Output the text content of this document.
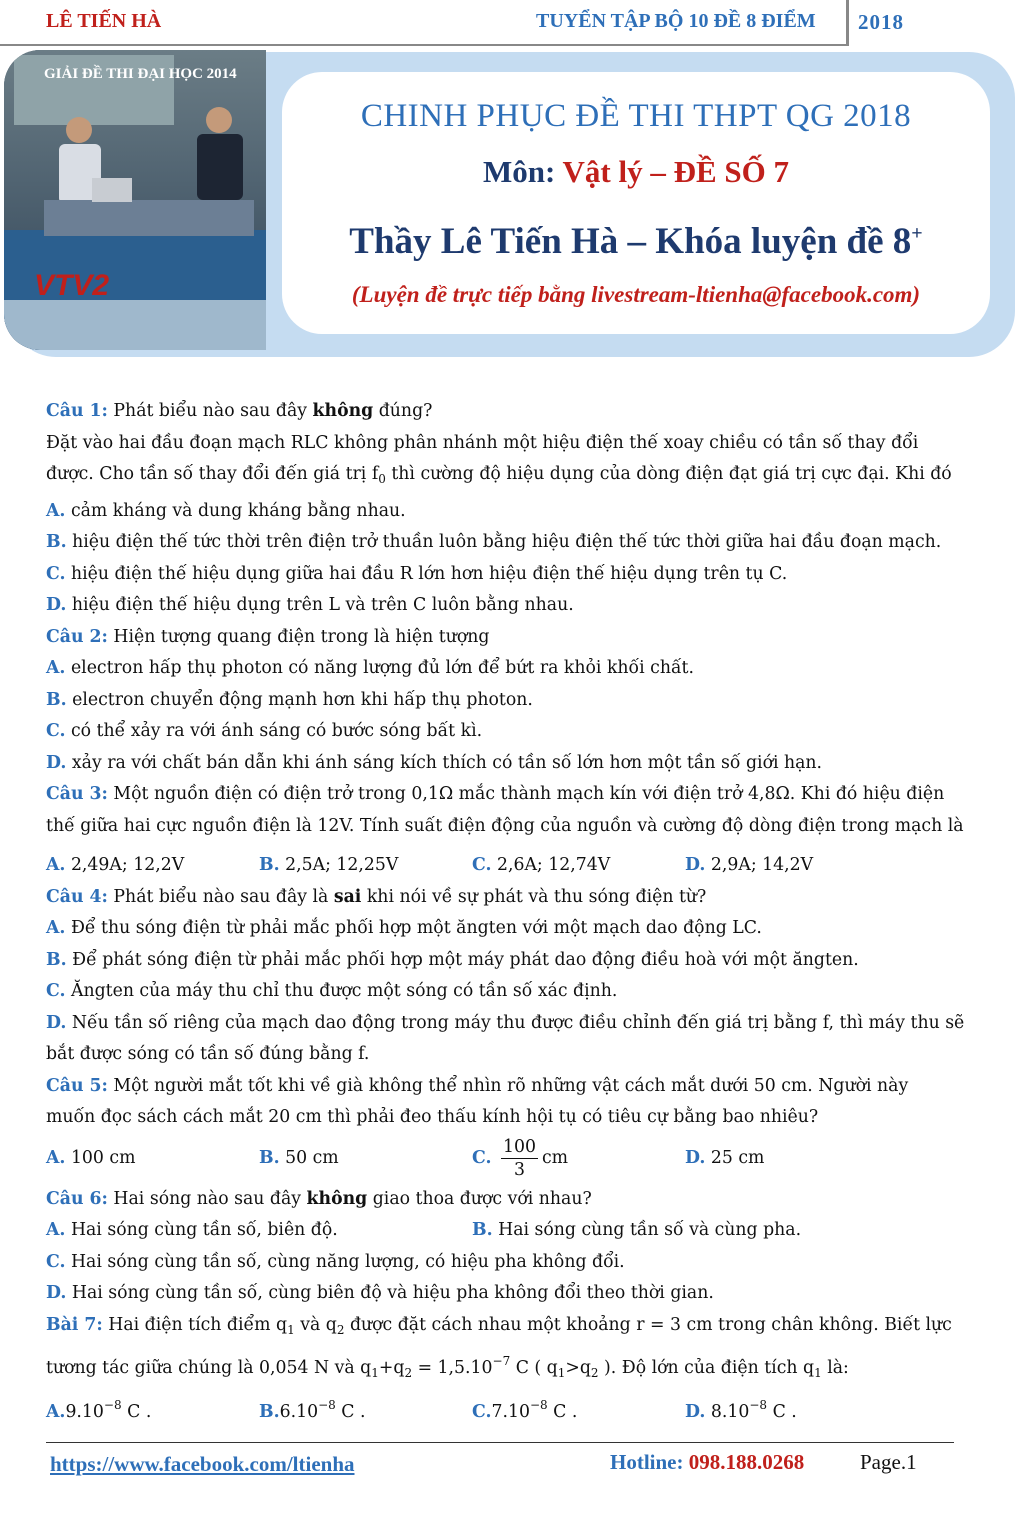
LÊ TIẾN HÀ	TUYỂN TẬP BỘ 10 ĐỀ 8 ĐIỂM 2018
GIẢI ĐỀ THI ĐẠI HỌC 2014
VTV2
CHINH PHỤC ĐỀ THI THPT QG 2018
Môn: Vật lý – ĐỀ SỐ 7
Thầy Lê Tiến Hà – Khóa luyện đề 8+
(Luyện đề trực tiếp bằng livestream-ltienha@facebook.com)
Câu 1: Phát biểu nào sau đây không đúng?
Đặt vào hai đầu đoạn mạch RLC không phân nhánh một hiệu điện thế xoay chiều có tần số thay đổi
được. Cho tần số thay đổi đến giá trị $f_0$ thì cường độ hiệu dụng của dòng điện đạt giá trị cực đại. Khi đó
A. cảm kháng và dung kháng bằng nhau.
B. hiệu điện thế tức thời trên điện trở thuần luôn bằng hiệu điện thế tức thời giữa hai đầu đoạn mạch.
C. hiệu điện thế hiệu dụng giữa hai đầu R lớn hơn hiệu điện thế hiệu dụng trên tụ C.
D. hiệu điện thế hiệu dụng trên L và trên C luôn bằng nhau.
Câu 2: Hiện tượng quang điện trong là hiện tượng
A. electron hấp thụ photon có năng lượng đủ lớn để bứt ra khỏi khối chất.
B. electron chuyển động mạnh hơn khi hấp thụ photon.
C. có thể xảy ra với ánh sáng có bước sóng bất kì.
D. xảy ra với chất bán dẫn khi ánh sáng kích thích có tần số lớn hơn một tần số giới hạn.
Câu 3: Một nguồn điện có điện trở trong 0,1Ω mắc thành mạch kín với điện trở 4,8Ω. Khi đó hiệu điện
thế giữa hai cực nguồn điện là 12V. Tính suất điện động của nguồn và cường độ dòng điện trong mạch là
A. 2,49A; 12,2V	B. 2,5A; 12,25V	C. 2,6A; 12,74V	D. 2,9A; 14,2V
Câu 4: Phát biểu nào sau đây là sai khi nói về sự phát và thu sóng điện từ?
A. Để thu sóng điện từ phải mắc phối hợp một ăngten với một mạch dao động LC.
B. Để phát sóng điện từ phải mắc phối hợp một máy phát dao động điều hoà với một ăngten.
C. Ăngten của máy thu chỉ thu được một sóng có tần số xác định.
D. Nếu tần số riêng của mạch dao động trong máy thu được điều chỉnh đến giá trị bằng f, thì máy thu sẽ
bắt được sóng có tần số đúng bằng f.
Câu 5: Một người mắt tốt khi về già không thể nhìn rõ những vật cách mắt dưới 50 cm. Người này
muốn đọc sách cách mắt 20 cm thì phải đeo thấu kính hội tụ có tiêu cự bằng bao nhiêu?
A. 100 cm	B. 50 cm	C. $\frac{100}{3}$ cm	D. 25 cm
Câu 6: Hai sóng nào sau đây không giao thoa được với nhau?
A. Hai sóng cùng tần số, biên độ.	B. Hai sóng cùng tần số và cùng pha.
C. Hai sóng cùng tần số, cùng năng lượng, có hiệu pha không đổi.
D. Hai sóng cùng tần số, cùng biên độ và hiệu pha không đổi theo thời gian.
Bài 7: Hai điện tích điểm $q_1$ và $q_2$ được đặt cách nhau một khoảng r = 3 cm trong chân không. Biết lực
tương tác giữa chúng là 0,054 N và $q_1+q_2 = 1,5.10^{-7}$ C ( $q_1>q_2$ ). Độ lớn của điện tích $q_1$ là:
$A.9.10^{-8}$ C .	$B.6.10^{-8}$ C .	$C.7.10^{-8}$ C .	D. $8.10^{-8}$ C .
https://www.facebook.com/ltienha	Hotline: 098.188.0268	Page.1
